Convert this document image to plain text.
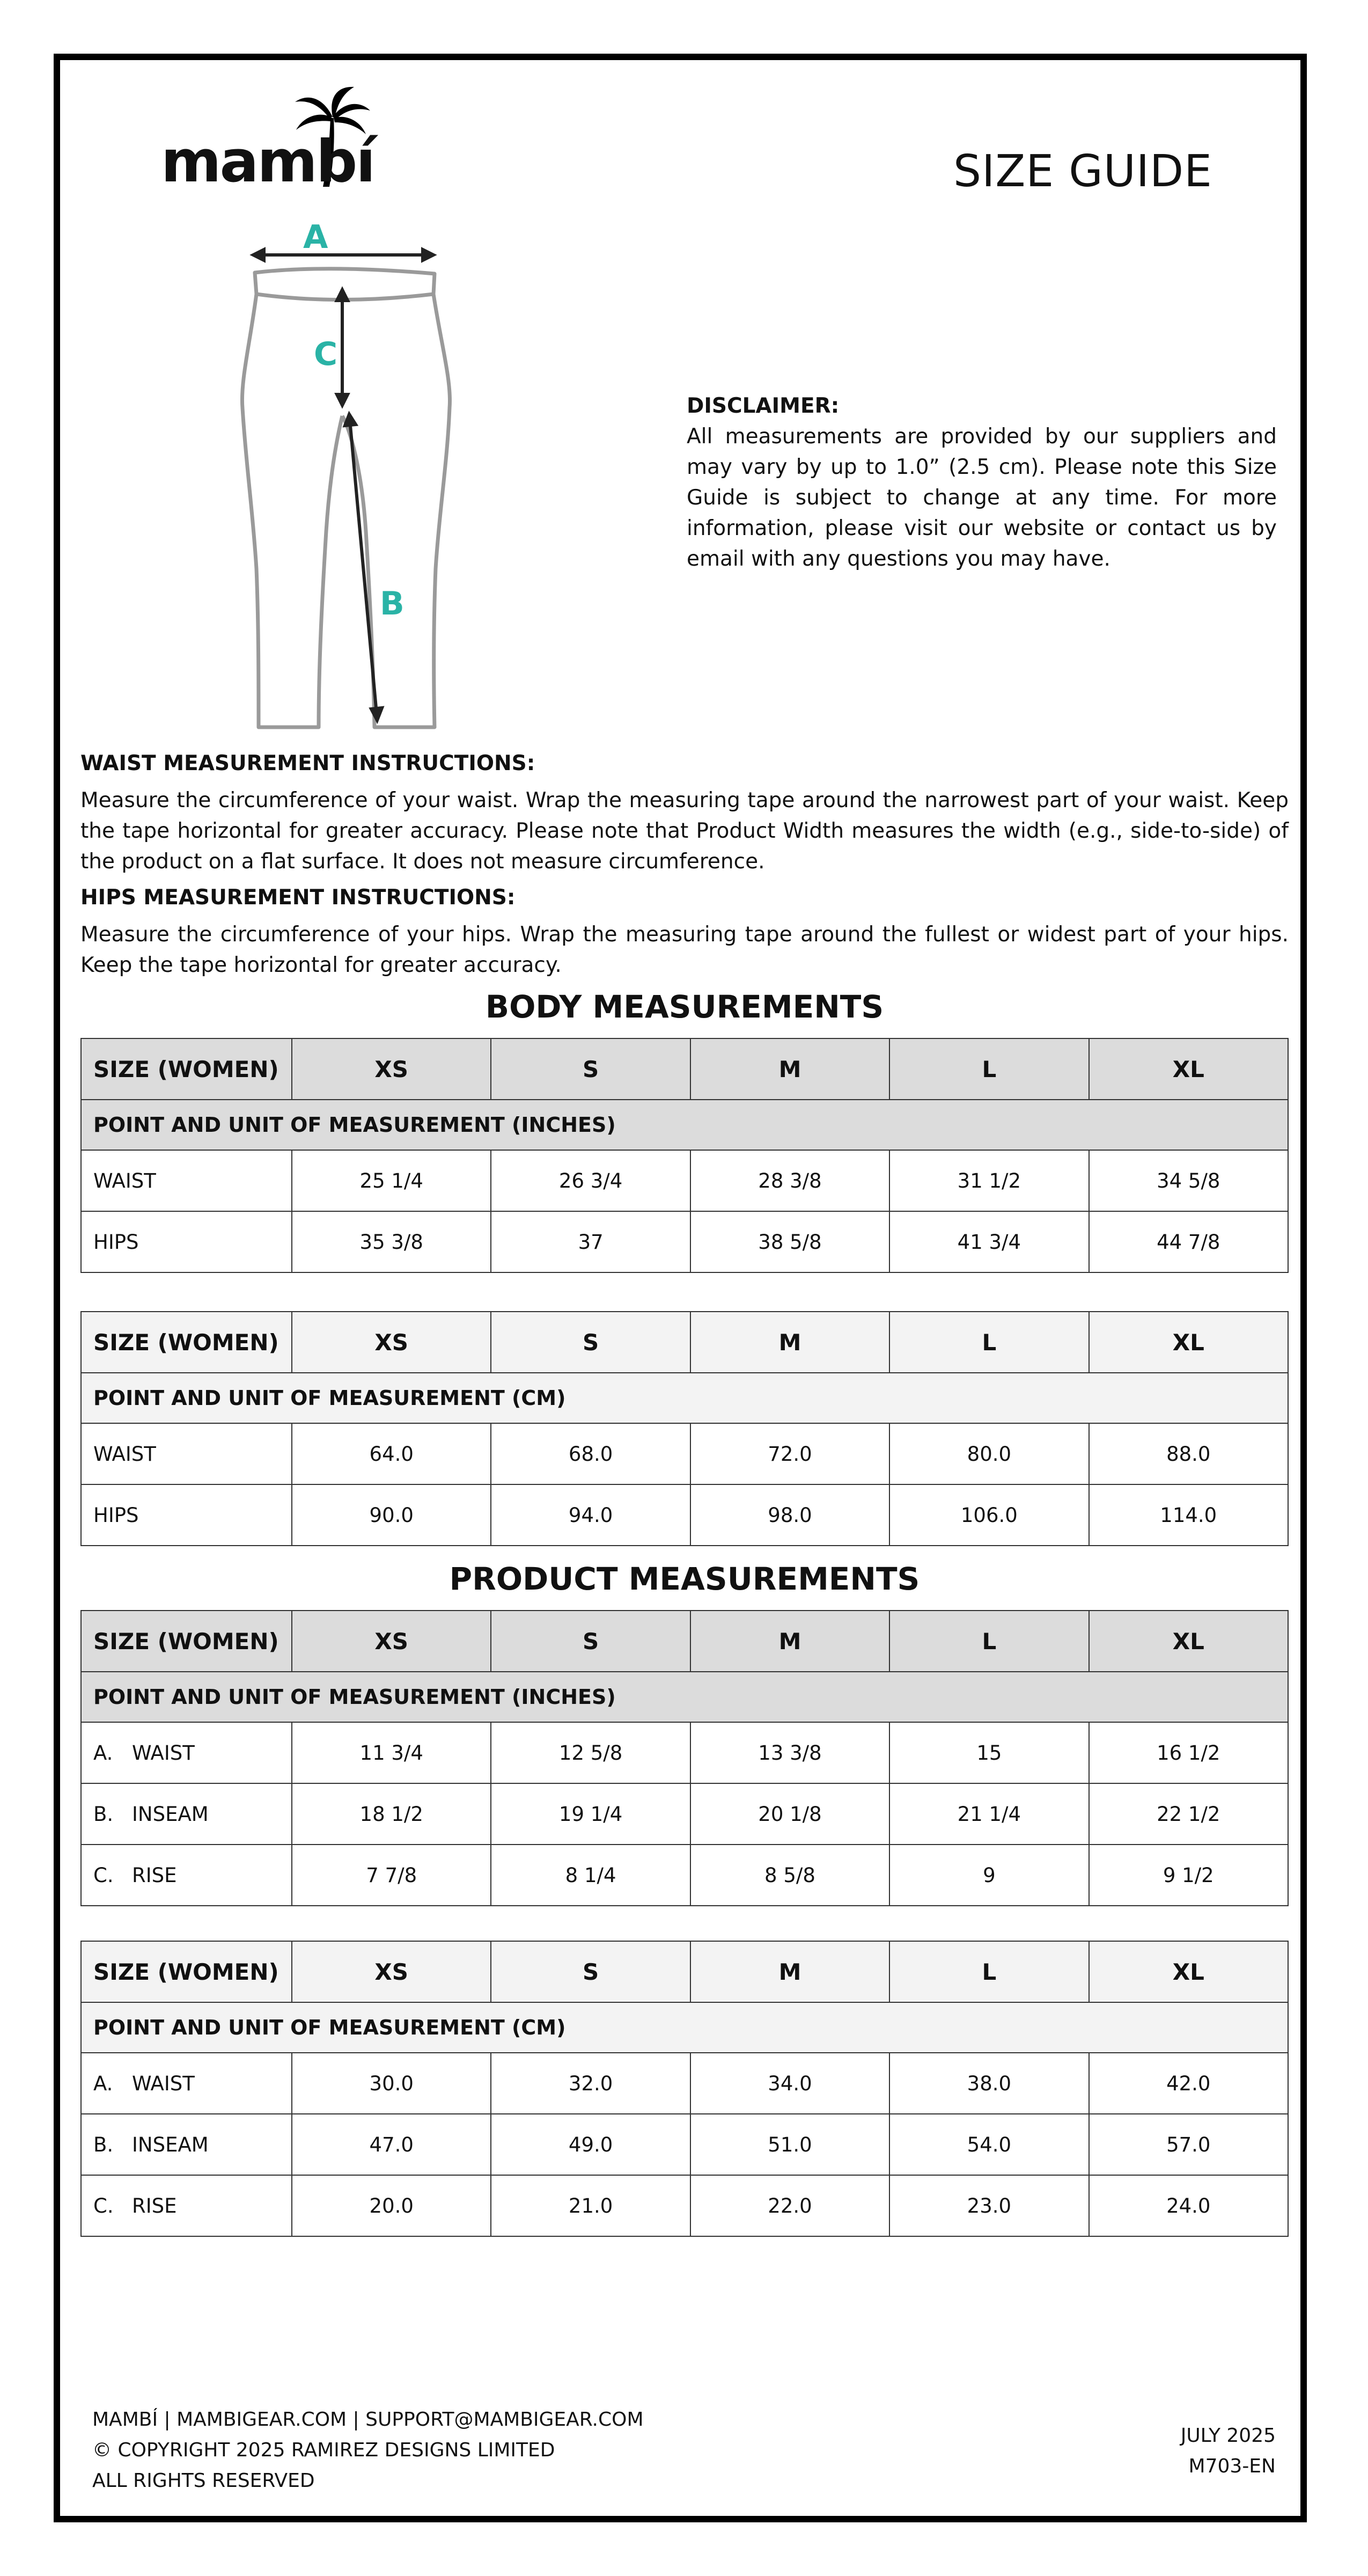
mambí	SIZE GUIDE
A
C
B
DISCLAIMER:
All measurements are provided by our suppliers and may vary by up to 1.0” (2.5 cm). Please note this Size Guide is subject to change at any time. For more information, please visit our website or contact us by email with any questions you may have.
WAIST MEASUREMENT INSTRUCTIONS:
Measure the circumference of your waist. Wrap the measuring tape around the narrowest part of your waist. Keep the tape horizontal for greater accuracy. Please note that Product Width measures the width (e.g., side-to-side) of the product on a flat surface. It does not measure circumference.
HIPS MEASUREMENT INSTRUCTIONS:
Measure the circumference of your hips. Wrap the measuring tape around the fullest or widest part of your hips. Keep the tape horizontal for greater accuracy.
BODY MEASUREMENTS
SIZE (WOMEN)	XS	S	M	L	XL
POINT AND UNIT OF MEASUREMENT (INCHES)					
WAIST	25 1/4	26 3/4	28 3/8	31 1/2	34 5/8
HIPS	35 3/8	37	38 5/8	41 3/4	44 7/8
SIZE (WOMEN)	XS	S	M	L	XL
POINT AND UNIT OF MEASUREMENT (CM)					
WAIST	64.0	68.0	72.0	80.0	88.0
HIPS	90.0	94.0	98.0	106.0	114.0
PRODUCT MEASUREMENTS
SIZE (WOMEN)	XS	S	M	L	XL
POINT AND UNIT OF MEASUREMENT (INCHES)					
A. WAIST	11 3/4	12 5/8	13 3/8	15	16 1/2
B. INSEAM	18 1/2	19 1/4	20 1/8	21 1/4	22 1/2
C. RISE	7 7/8	8 1/4	8 5/8	9	9 1/2
SIZE (WOMEN)	XS	S	M	L	XL
POINT AND UNIT OF MEASUREMENT (CM)					
A. WAIST	30.0	32.0	34.0	38.0	42.0
B. INSEAM	47.0	49.0	51.0	54.0	57.0
C. RISE	20.0	21.0	22.0	23.0	24.0
MAMBÍ | MAMBIGEAR.COM | SUPPORT@MAMBIGEAR.COM
© COPYRIGHT 2025 RAMIREZ DESIGNS LIMITED
ALL RIGHTS RESERVED
JULY 2025
M703-EN
